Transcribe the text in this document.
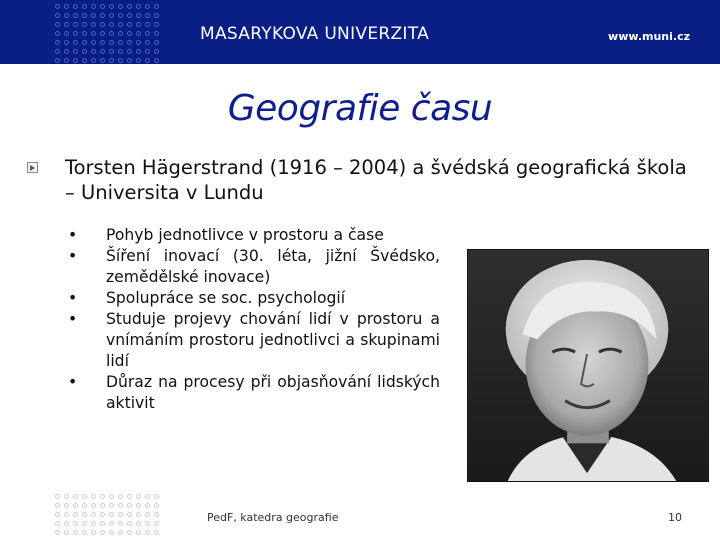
MASARYKOVA UNIVERZITA	www.muni.cz
Geografie času
Torsten Hägerstrand (1916 – 2004) a švédská geografická škola – Universita v Lundu
• Pohyb jednotlivce v prostoru a čase
• Šíření inovací (30. léta, jižní Švédsko, zemědělské inovace)
• Spolupráce se soc. psychologií
• Studuje projevy chování lidí v prostoru a vnímáním prostoru jednotlivci a skupinami lidí
• Důraz na procesy při objasňování lidských aktivit
PedF, katedra geografie	10
